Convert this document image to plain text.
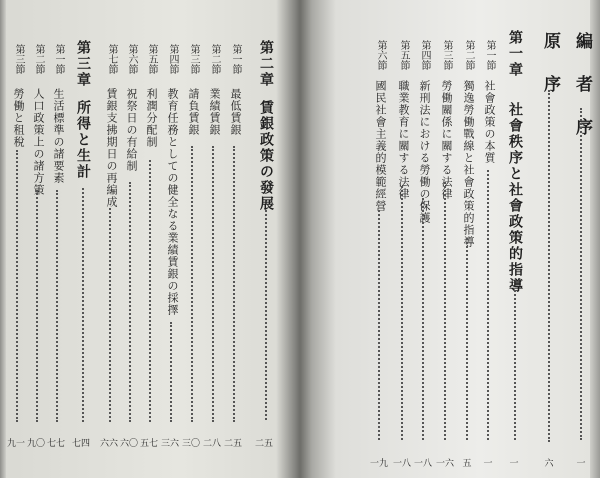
編 者 序
一
原 序
六
第一章
社會秩序と社會政策的指導
一
第一節
社會政策の本質
一
第二節
獨逸勞働戰線と社會政策的指導
五
第三節
勞働關係に關する法律
一六
第四節
新刑法における勞働の保護
一八
第五節
職業教育に關する法律
一八
第六節
國民社會主義的模範經營
一九
第二章
賃銀政策の發展
二五
第一節
最低賃銀
二五
第二節
業績賃銀
二八
第三節
請負賃銀
三〇
第四節
教育任務としての健全なる業績賃銀の採擇
三六
第五節
利潤分配制
五七
第六節
祝祭日の有給制
六〇
第七節
賃銀支拂期日の再編成
六六
第三章
所得と生計
七四
第一節
生活標準の諸要素
七七
第二節
人口政策上の諸方策
九〇
第三節
勞働と租稅
九一
